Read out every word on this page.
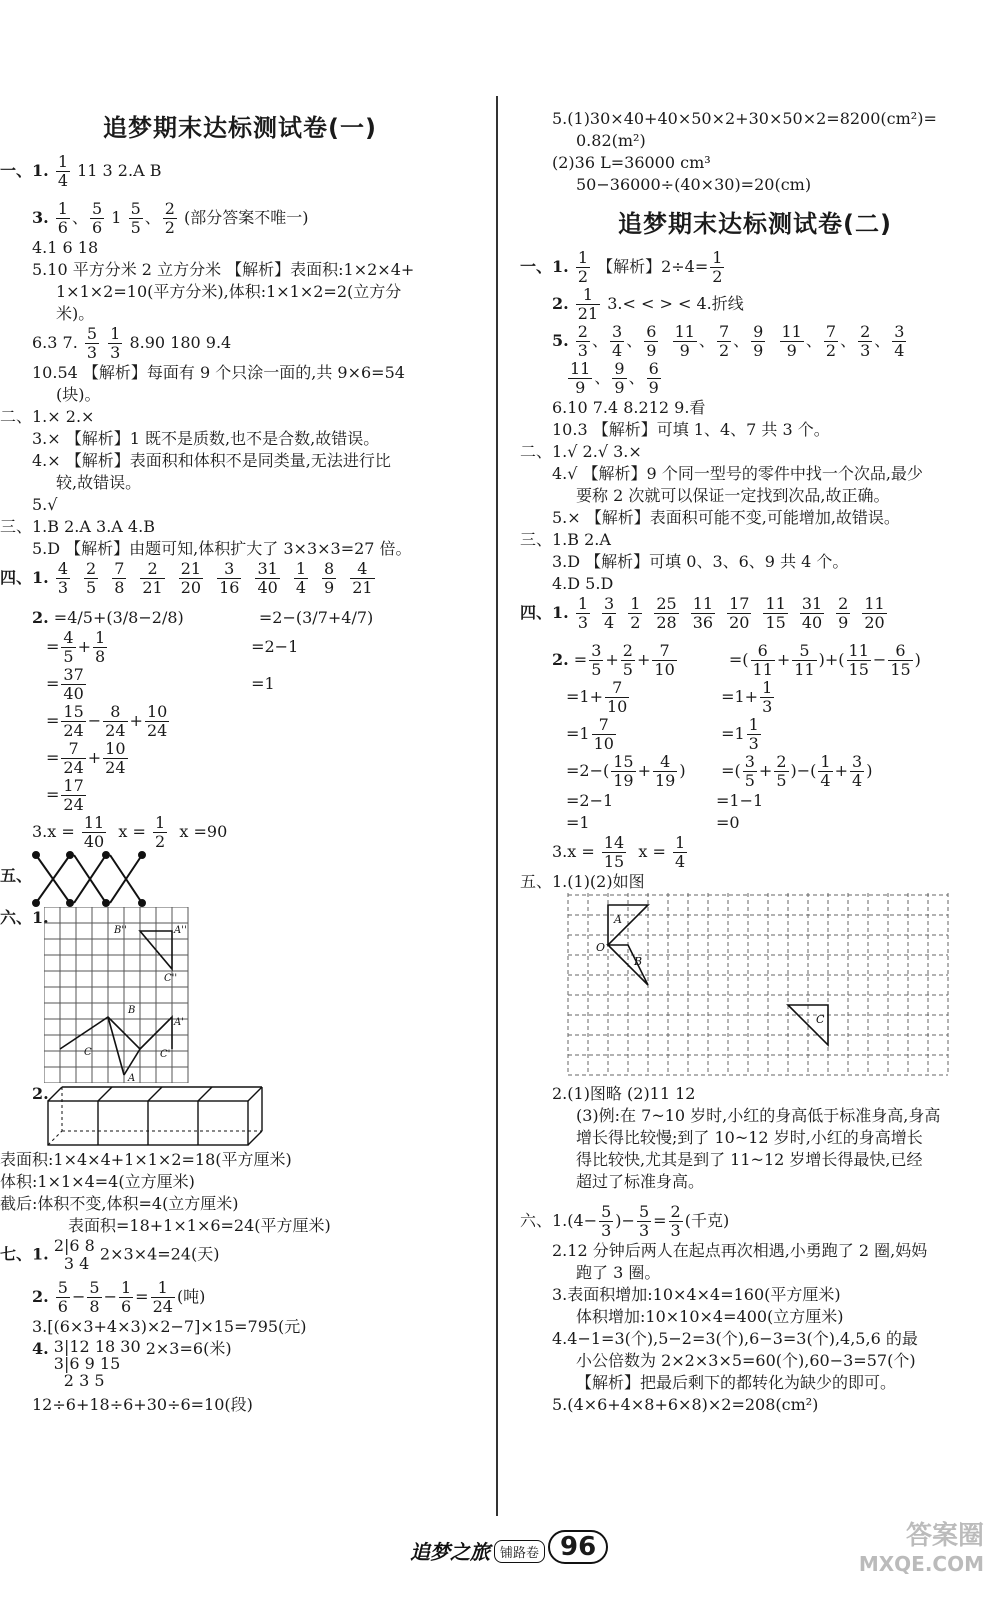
追梦期末达标测试卷(一)
一、1. $\frac{1}{4} 11$ 3 2.A B
3. $\frac{1}{6}$ 、 $\frac{5}{6} 1 \frac{5}{5}$ 、 $\frac{2}{2}$ (部分答案不唯一)
4.1 6 18
5.10 平方分米 2 立方分米 【解析】表面积:1×2×4+
1×1×2=10(平方分米),体积:1×1×2=2(立方分
米)。
6.3 7. $\frac{5}{3}$
$\frac{1}{3} 8.90$ 180 9.4
10.54 【解析】每面有 9 个只涂一面的,共 9×6=54
(块)。
二、1.× 2.×
3.× 【解析】1 既不是质数,也不是合数,故错误。
4.× 【解析】表面积和体积不是同类量,无法进行比
较,故错误。
5.√
三、1.B 2.A 3.A 4.B
5.D 【解析】由题可知,体积扩大了 3×3×3=27 倍。
四、1. $\frac{4}{3} \frac{2}{5} \frac{7}{8} \frac{2}{21} \frac{21}{20} \frac{3}{16} \frac{31}{40} \frac{1}{4} \frac{8}{9} \frac{4}{21}$
2. =4/5+(3/8−2/8)	=2−(3/7+4/7)
= $\frac{4}{5} + \frac{1}{8}$	=2−1
= $\frac{37}{40}$	=1
= $\frac{15}{24} - \frac{8}{24} + \frac{10}{24}$
= $\frac{7}{24} + \frac{10}{24}$
= $\frac{17}{24}$
$3.x = \frac{11}{40}$ $x = \frac{1}{2}$ x =90
五、
六、1.
B''	A''
C''
B
A'
C	C'
A
2.
表面积:1×4×4+1×1×2=18(平方厘米)
体积:1×1×4=4(立方厘米)
截后:体积不变,体积=4(立方厘米)
表面积=18+1×1×6=24(平方厘米)
七、1. 2|6 8
3 4 2×3×4=24(天)
2. $\frac{5}{6} - \frac{5}{8} - \frac{1}{6} = \frac{1}{24}$ (吨)
3.[(6×3+4×3)×2−7]×15=795(元)
4. 3|12 18 30
3|6 9 15
2 3 5
2×3=6(米)
12÷6+18÷6+30÷6=10(段)
5.(1)30×40+40×50×2+30×50×2=8200(cm²)=
0.82(m²)
(2)36 L=36000 cm³
50−36000÷(40×30)=20(cm)
追梦期末达标测试卷(二)
一、1. $\frac{1}{2}$ 【解析】$2\div 4= \frac{1}{2}$
2. $\frac{1}{21} 3.<$ < > < 4.折线
5. $\frac{2}{3}$ 、 $\frac{3}{4}$ 、 $\frac{6}{9}$
$\frac{11}{9}$ 、 $\frac{7}{2}$ 、 $\frac{9}{9}$
$\frac{11}{9}$ 、 $\frac{7}{2}$ 、 $\frac{2}{3}$ 、 $\frac{3}{4}$
$\frac{11}{9}$ 、 $\frac{9}{9}$ 、 $\frac{6}{9}$
6.10 7.4 8.212 9.看
10.3 【解析】可填 1、4、7 共 3 个。
二、1.√ 2.√ 3.×
4.√ 【解析】9 个同一型号的零件中找一个次品,最少
要称 2 次就可以保证一定找到次品,故正确。
5.× 【解析】表面积可能不变,可能增加,故错误。
三、1.B 2.A
3.D 【解析】可填 0、3、6、9 共 4 个。
4.D 5.D
四、1. $\frac{1}{3} \frac{3}{4} \frac{1}{2} \frac{25}{28} \frac{11}{36} \frac{17}{20} \frac{11}{15} \frac{31}{40} \frac{2}{9} \frac{11}{20}$
2. = $\frac{3}{5} + \frac{2}{5} + \frac{7}{10}$	=( $\frac{6}{11} + \frac{5}{11}$ )+( $\frac{11}{15} - \frac{6}{15}$ )
$=1+ \frac{7}{10}$	$=1+ \frac{1}{3}$
$=1 \frac{7}{10}$	$=1 \frac{1}{3}$
$=2-( \frac{15}{19} + \frac{4}{19}$ ) =( $\frac{3}{5} + \frac{2}{5}$ )−( $\frac{1}{4} + \frac{3}{4}$ )
=2−1	=1−1
=1	=0
$3.x = \frac{14}{15}$ $x = \frac{1}{4}$
五、1.(1)(2)如图
A
O
B
C
2.(1)图略 (2)11 12
(3)例:在 7~10 岁时,小红的身高低于标准身高,身高
增长得比较慢;到了 10~12 岁时,小红的身高增长
得比较快,尤其是到了 11~12 岁增长得最快,已经
超过了标准身高。
六、$1.(4- \frac{5}{3}$ )− $\frac{5}{3} = \frac{2}{3}$ (千克)
2.12 分钟后两人在起点再次相遇,小勇跑了 2 圈,妈妈
跑了 3 圈。
3.表面积增加:10×4×4=160(平方厘米)
体积增加:10×10×4=400(立方厘米)
4.4−1=3(个),5−2=3(个),6−3=3(个),4,5,6 的最
小公倍数为 2×2×3×5=60(个),60−3=57(个)
【解析】把最后剩下的都转化为缺少的即可。
5.(4×6+4×8+6×8)×2=208(cm²)
追梦之旅 铺路卷 96	答案圈
MXQE.COM
